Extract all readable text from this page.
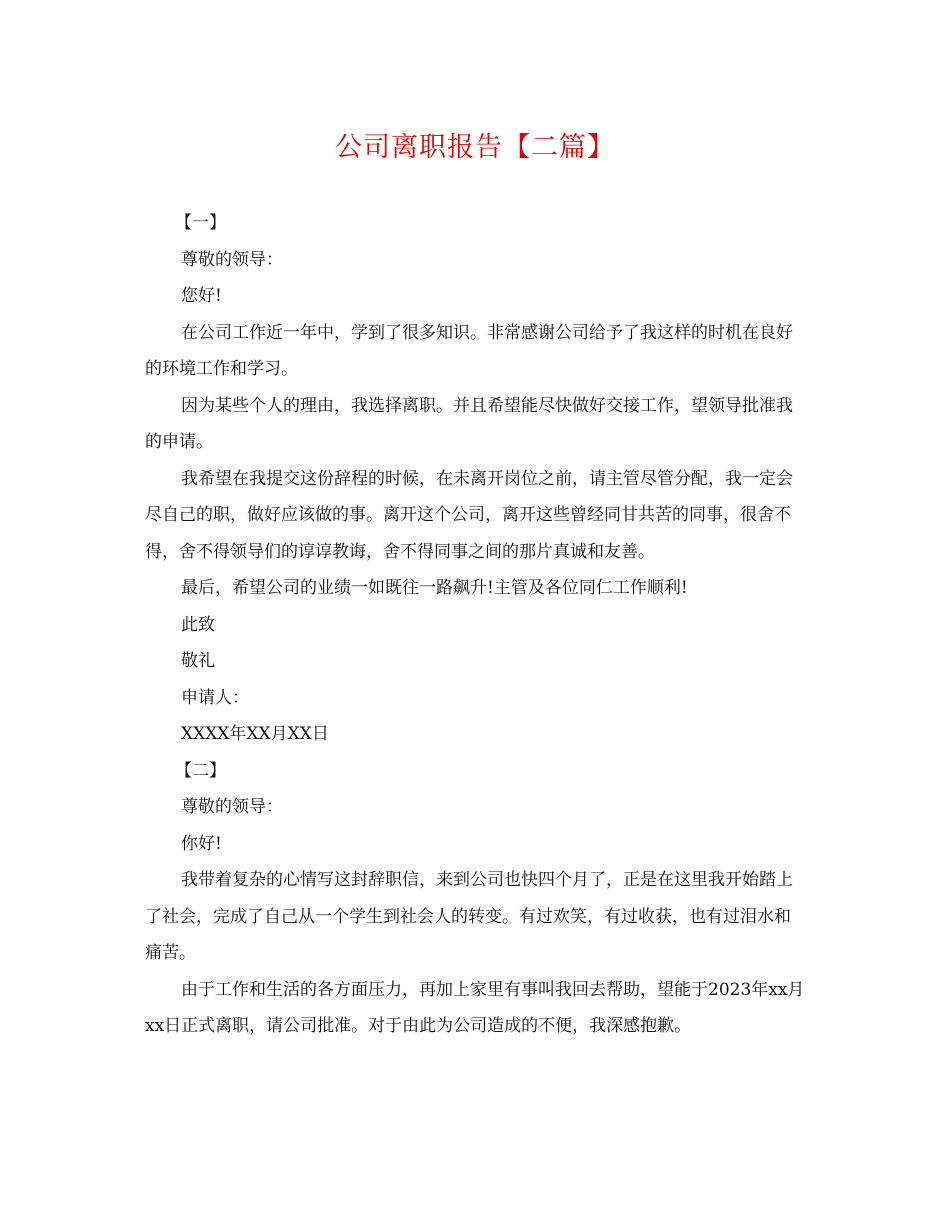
公司离职报告【二篇】

【一】

尊敬的领导：

您好!

在公司工作近一年中，学到了很多知识。非常感谢公司给予了我这样的时机在良好的环境工作和学习。

因为某些个人的理由，我选择离职。并且希望能尽快做好交接工作，望领导批准我的申请。

我希望在我提交这份辞程的时候，在未离开岗位之前，请主管尽管分配，我一定会尽自己的职，做好应该做的事。离开这个公司，离开这些曾经同甘共苦的同事，很舍不得，舍不得领导们的谆谆教诲，舍不得同事之间的那片真诚和友善。

最后，希望公司的业绩一如既往一路飙升!主管及各位同仁工作顺利!

此致

敬礼

申请人：

XXXX年XX月XX日

【二】

尊敬的领导：

你好!

我带着复杂的心情写这封辞职信，来到公司也快四个月了，正是在这里我开始踏上了社会，完成了自己从一个学生到社会人的转变。有过欢笑，有过收获，也有过泪水和痛苦。

由于工作和生活的各方面压力，再加上家里有事叫我回去帮助，望能于2023年xx月xx日正式离职，请公司批准。对于由此为公司造成的不便，我深感抱歉。
